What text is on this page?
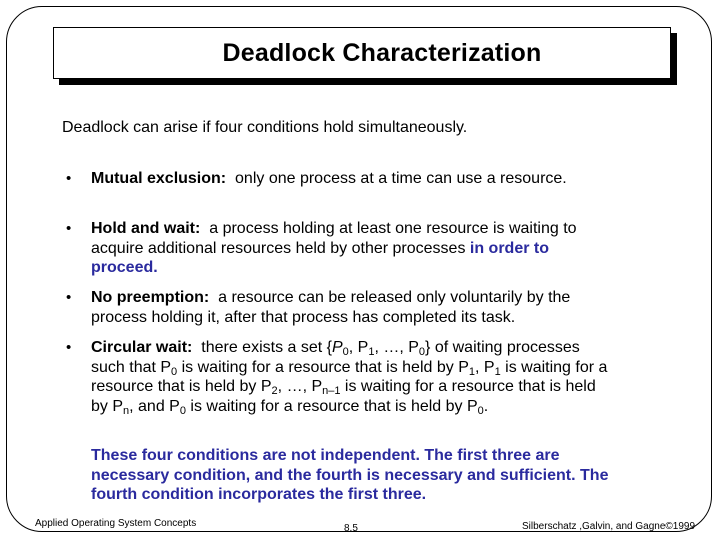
Deadlock Characterization
Deadlock can arise if four conditions hold simultaneously.
• Mutual exclusion: only one process at a time can use a resource.
• Hold and wait: a process holding at least one resource is waiting to acquire additional resources held by other processes in order to proceed.
• No preemption: a resource can be released only voluntarily by the process holding it, after that process has completed its task.
• Circular wait: there exists a set {$P_0$, $P_1$, …, $P_0$} of waiting processes such that $P_0$ is waiting for a resource that is held by $P_1$, $P_1$ is waiting for a resource that is held by $P_2$, …, $P_{n-1}$ is waiting for a resource that is held by $P_n$, and $P_0$ is waiting for a resource that is held by $P_0$.
These four conditions are not independent. The first three are necessary condition, and the fourth is necessary and sufficient. The fourth condition incorporates the first three.
Applied Operating System Concepts	8.5	Silberschatz ,Galvin, and Gagne©1999
